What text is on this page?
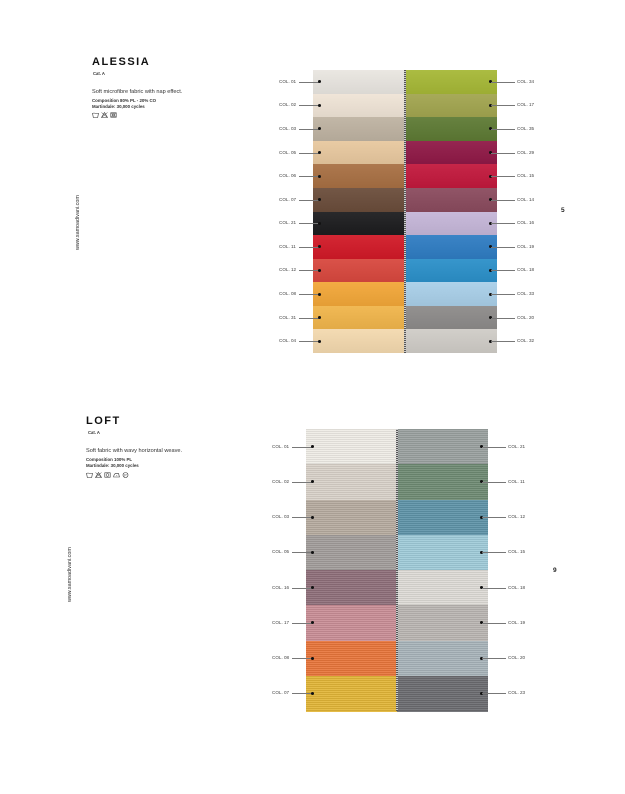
ALESSIA
Cat. A
Soft microfibre fabric with nap effect.
Composition 80% PL - 20% CO
Martindale: 30,000 cycles
www.samoadivani.com	5
COL. 01
COL. 02
COL. 03
COL. 05
COL. 06
COL. 07
COL. 21
COL. 11
COL. 12
COL. 08
COL. 31
COL. 04
COL. 34
COL. 17
COL. 35
COL. 29
COL. 15
COL. 14
COL. 16
COL. 19
COL. 18
COL. 33
COL. 20
COL. 32
LOFT
Cat. A
Soft fabric with wavy horizontal weave.
Composition 100% PL
Martindale: 30,000 cycles
P
www.samoadivani.com	9
COL. 01
COL. 02
COL. 03
COL. 05
COL. 16
COL. 17
COL. 08
COL. 07
COL. 21
COL. 11
COL. 12
COL. 15
COL. 18
COL. 19
COL. 20
COL. 23
